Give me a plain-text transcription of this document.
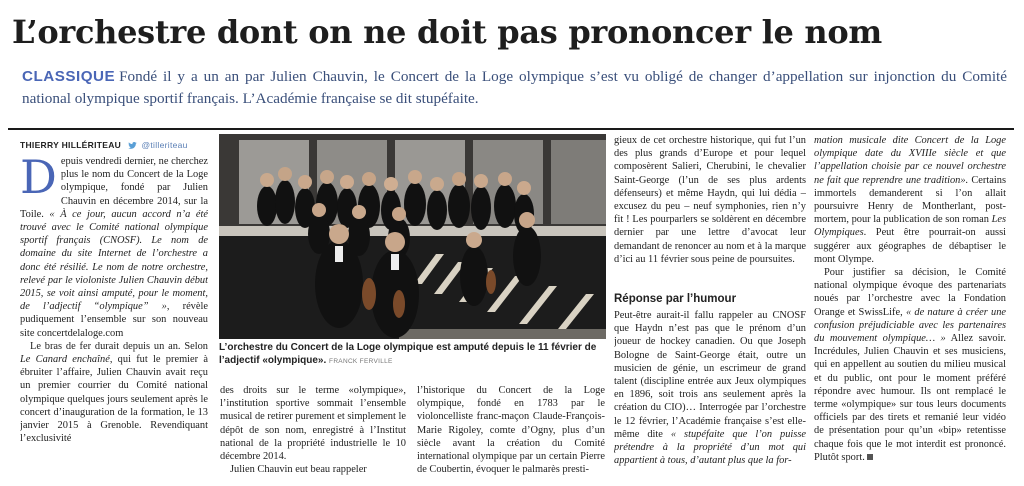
L’orchestre dont on ne doit pas prononcer le nom
CLASSIQUE Fondé il y a un an par Julien Chauvin, le Concert de la Loge olympique s’est vu obligé de changer d’appellation sur injonction du Comité national olympique sportif français. L’Académie française se dit stupéfaite.
THIERRY HILLÉRITEAU @tilleriteau

Depuis vendredi dernier, ne cherchez plus le nom du Concert de la Loge olympique, fondé par Julien Chauvin en décembre 2014, sur la Toile. « À ce jour, aucun accord n’a été trouvé avec le Comité national olympique sportif français (CNOSF). Le nom de domaine du site Internet de l’orchestre a donc été résilié. Le nom de notre orchestre, relevé par le violoniste Julien Chauvin début 2015, se voit ainsi amputé, pour le moment, de l’adjectif “olympique” », révèle pudiquement l’ensemble sur son nouveau site concertdelaloge.com

Le bras de fer durait depuis un an. Selon Le Canard enchaîné, qui fut le premier à ébruiter l’affaire, Julien Chauvin avait reçu un premier courrier du Comité national olympique quelques jours seulement après le concert d’inauguration de la formation, le 13 janvier 2015 à Grenoble. Revendiquant l’exclusivité

L’orchestre du Concert de la Loge olympique est amputé depuis le 11 février de l’adjectif «olympique». FRANCK FERVILLE

des droits sur le terme «olympique», l’institution sportive sommait l’ensemble musical de retirer purement et simplement le dépôt de son nom, enregistré à l’Institut national de la propriété industrielle le 10 décembre 2014.

Julien Chauvin eut beau rappeler

l’historique du Concert de la Loge olympique, fondé en 1783 par le violoncelliste franc-maçon Claude-François-Marie Rigoley, comte d’Ogny, plus d’un siècle avant la création du Comité international olympique par un certain Pierre de Coubertin, évoquer le palmarès presti-

gieux de cet orchestre historique, qui fut l’un des plus grands d’Europe et pour lequel composèrent Salieri, Cherubini, le chevalier Saint-George (l’un de ses plus ardents défenseurs) et même Haydn, qui lui dédia – excusez du peu – neuf symphonies, rien n’y fit ! Les pourparlers se soldèrent en décembre dernier par une lettre d’avocat leur demandant de renoncer au nom et à la marque d’ici au 11 février sous peine de poursuites.

Réponse par l’humour

Peut-être aurait-il fallu rappeler au CNOSF que Haydn n’est pas que le prénom d’un joueur de hockey canadien. Ou que Joseph Bologne de Saint-George était, outre un musicien de génie, un escrimeur de grand talent (discipline entrée aux Jeux olympiques en 1896, soit trois ans seulement après la création du CIO)… Interrogée par l’orchestre le 12 février, l’Académie française s’est elle-même dite « stupéfaite que l’on puisse prétendre à la propriété d’un mot qui appartient à tous, d’autant plus que la for-

mation musicale dite Concert de la Loge olympique date du XVIIIe siècle et que l’appellation choisie par ce nouvel orchestre ne fait que reprendre une tradition». Certains immortels demanderent si l’on allait poursuivre Henry de Montherlant, post-mortem, pour la publication de son roman Les Olympiques. Peut être pourrait-on aussi suggérer aux géographes de débaptiser le mont Olympe.

Pour justifier sa décision, le Comité national olympique évoque des partenariats noués par l’orchestre avec la Fondation Orange et SwissLife, « de nature à créer une confusion préjudiciable avec les partenaires du mouvement olympique… » Allez savoir. Incrédules, Julien Chauvin et ses musiciens, qui en appellent au soutien du milieu musical et du public, ont pour le moment préféré répondre avec humour. Ils ont remplacé le terme «olympique» sur tous leurs documents officiels par des tirets et remanié leur vidéo de présentation pour qu’un «bip» retentisse chaque fois que le mot interdit est prononcé. Plutôt sport.
